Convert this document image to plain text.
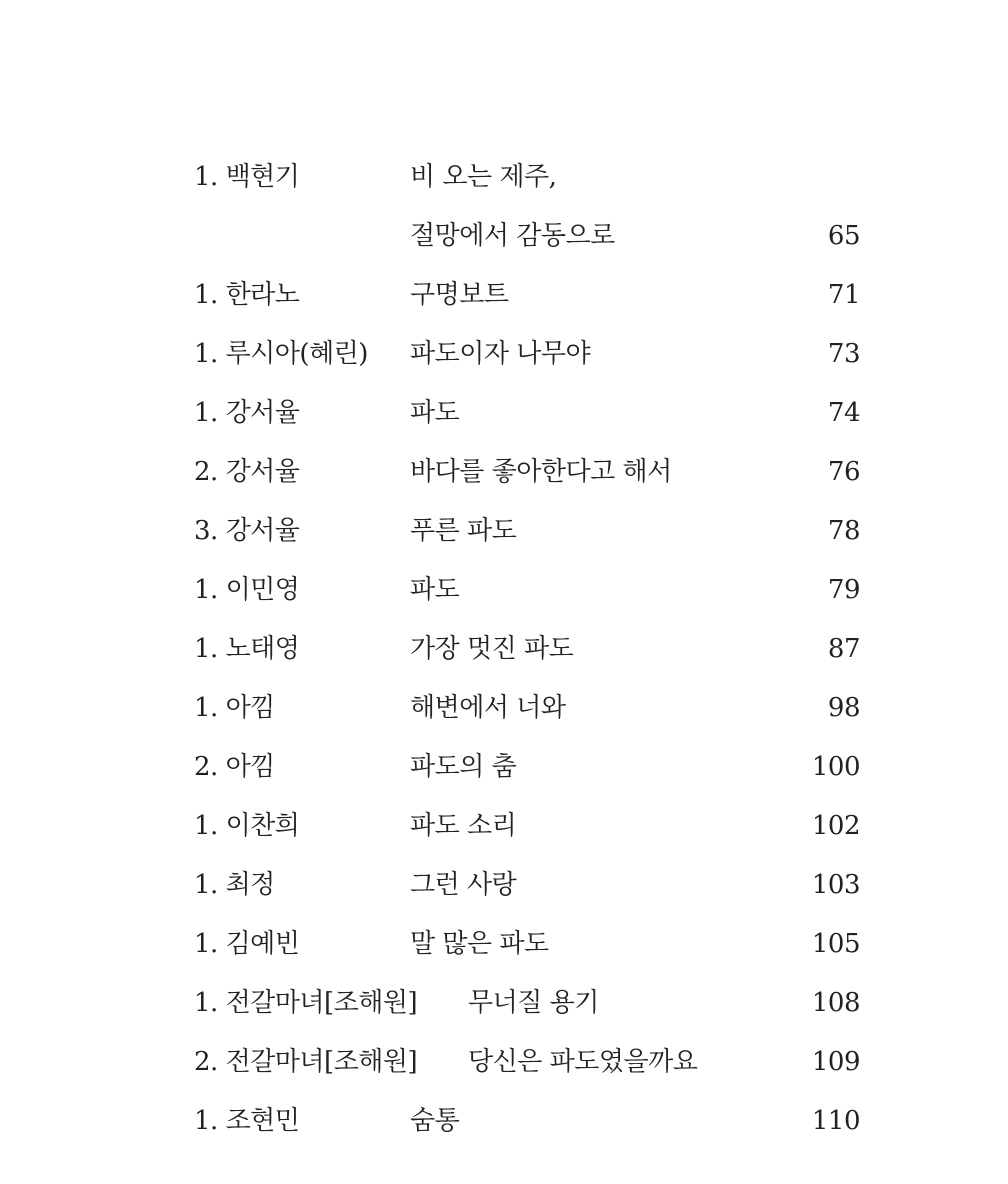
1. 백현기	비 오는 제주,
절망에서 감동으로	65
1. 한라노	구명보트	71
1. 루시아(혜린) 파도이자 나무야	73
1. 강서율	파도	74
2. 강서율	바다를 좋아한다고 해서	76
3. 강서율	푸른 파도	78
1. 이민영	파도	79
1. 노태영	가장 멋진 파도	87
1. 아낌	해변에서 너와	98
2. 아낌	파도의 춤	100
1. 이찬희	파도 소리	102
1. 최정	그런 사랑	103
1. 김예빈	말 많은 파도	105
1. 전갈마녀[조해원] 무너질 용기	108
2. 전갈마녀[조해원] 당신은 파도였을까요	109
1. 조현민	숨통	110
